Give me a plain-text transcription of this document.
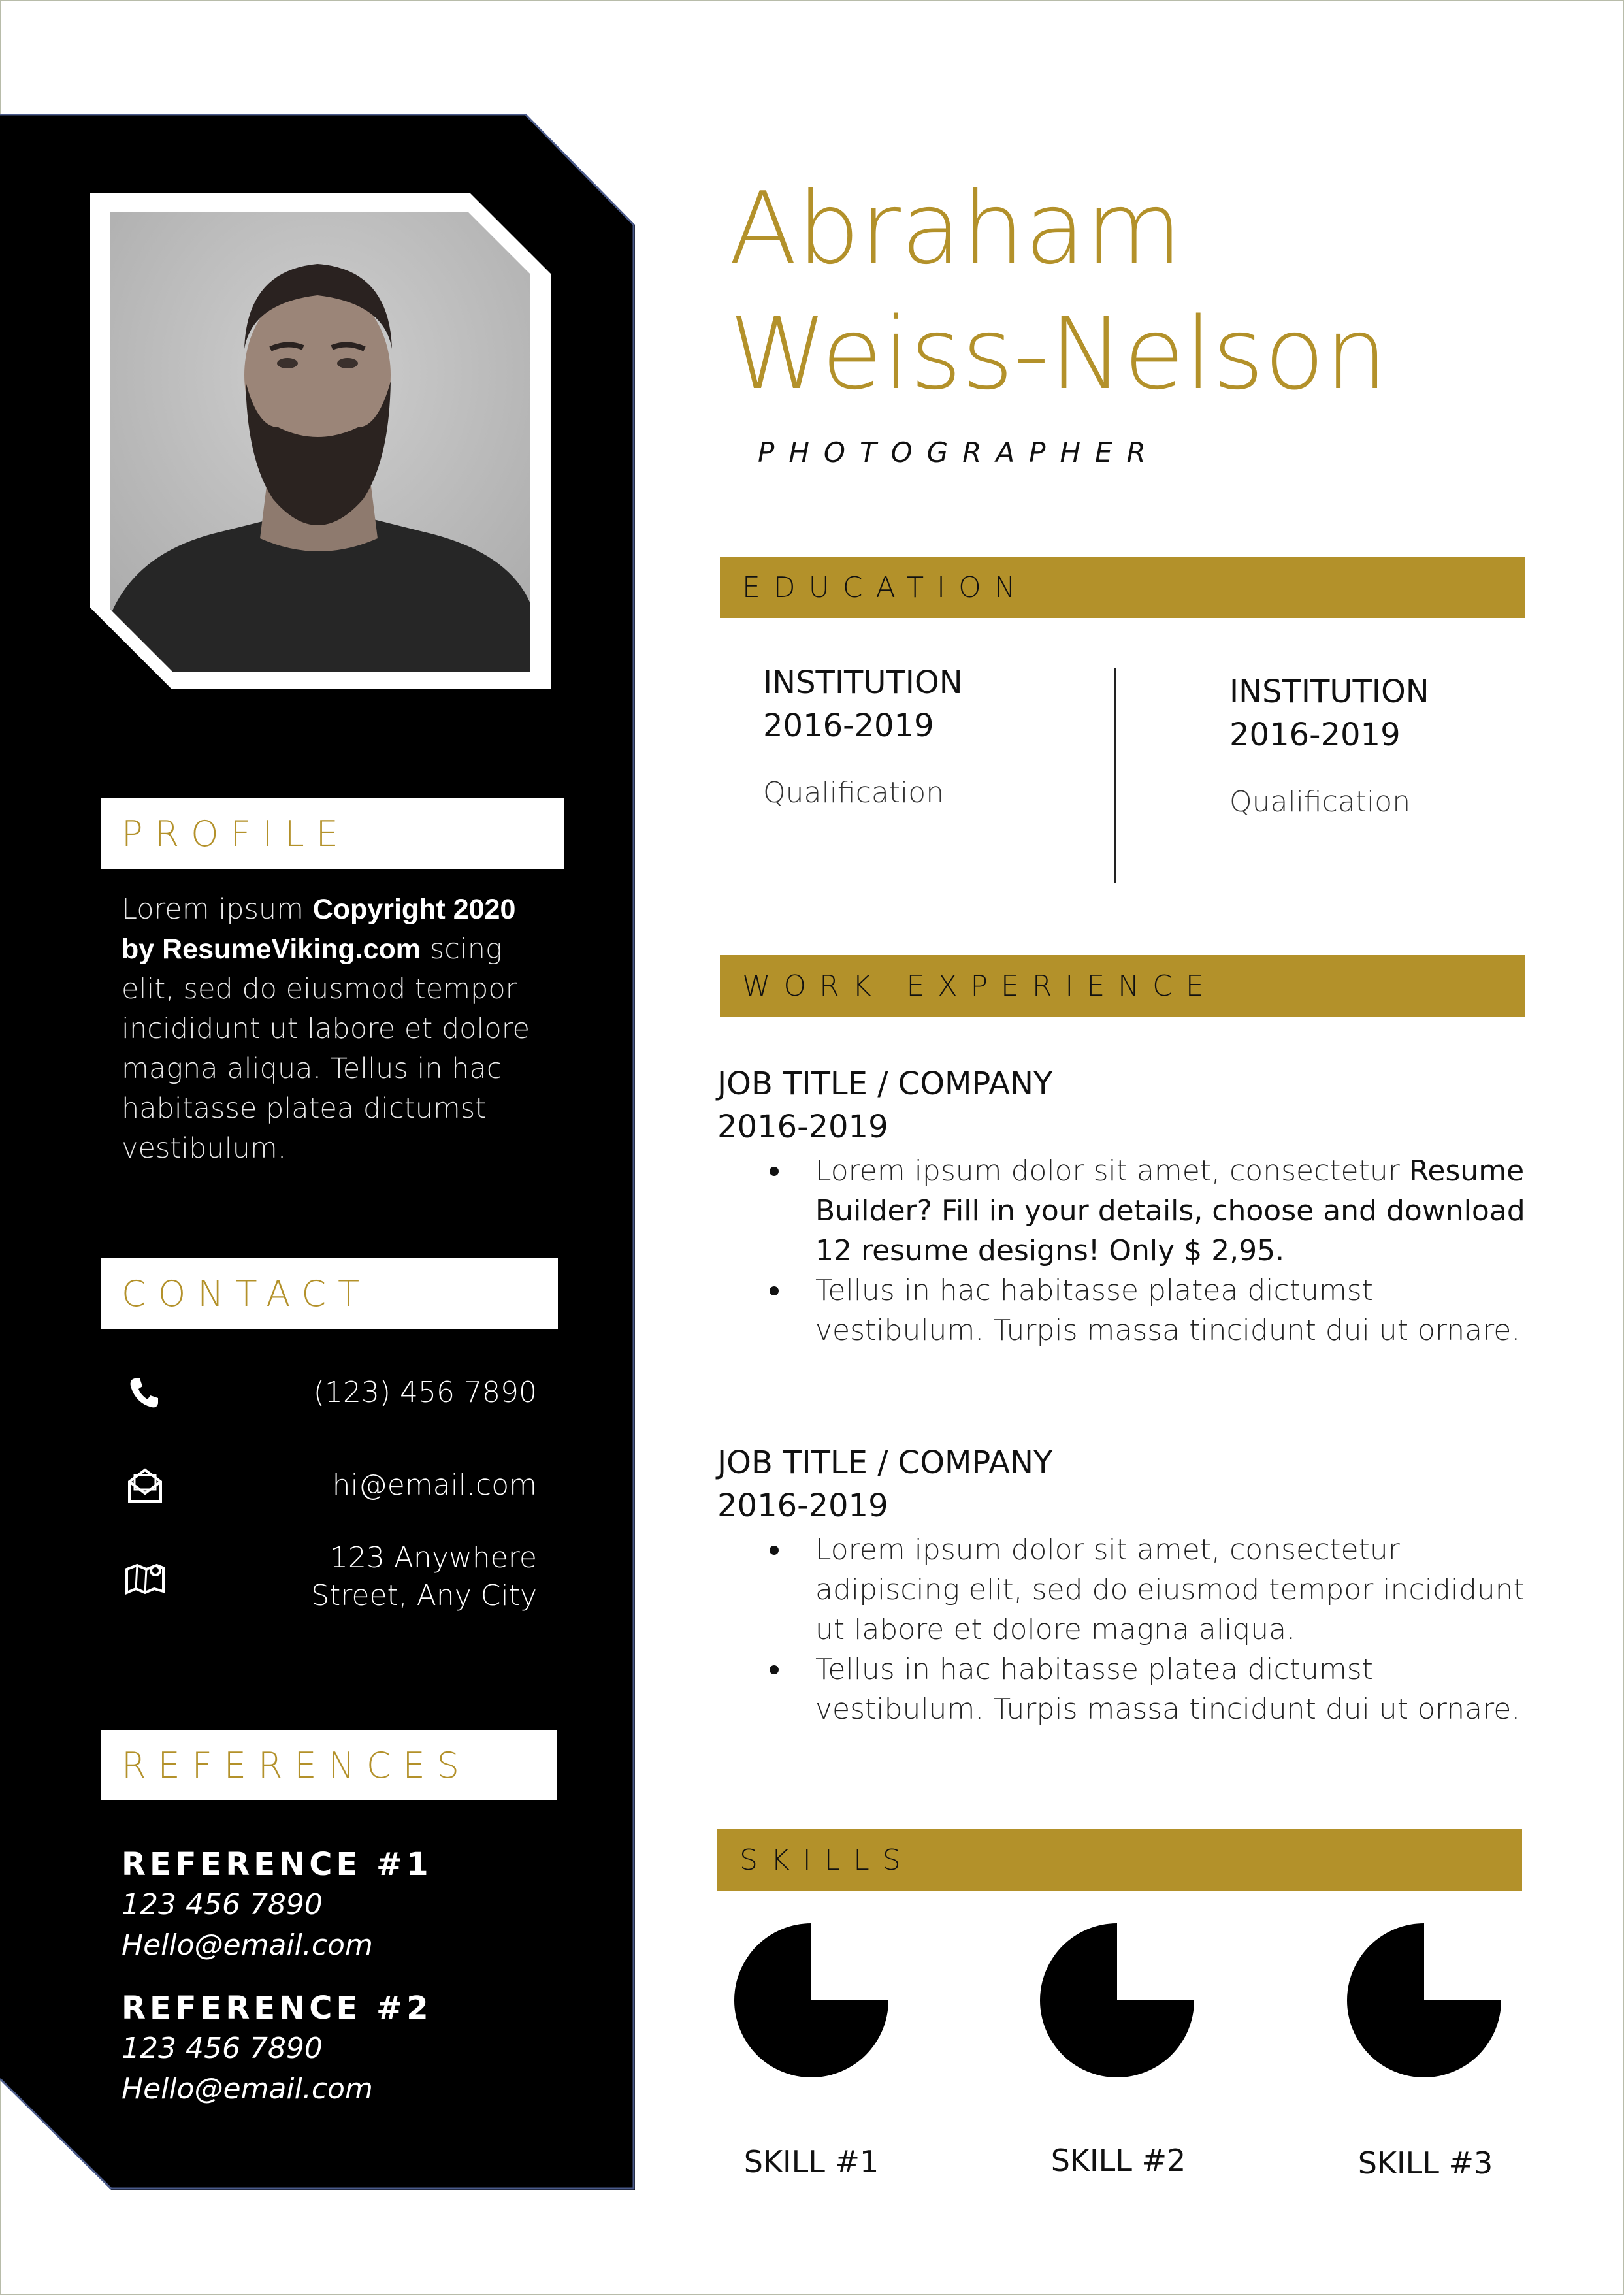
PROFILE
Lorem ipsum Copyright 2020 by ResumeViking.com scing elit, sed do eiusmod tempor incididunt ut labore et dolore magna aliqua. Tellus in hac habitasse platea dictumst vestibulum.
CONTACT
(123) 456 7890
hi@email.com
123 Anywhere
Street, Any City
REFERENCES
REFERENCE #1
123 456 7890
Hello@email.com
REFERENCE #2
123 456 7890
Hello@email.com
Abraham
Weiss-Nelson
PHOTOGRAPHER
EDUCATION
INSTITUTION
2016-2019
Qualification
INSTITUTION
2016-2019
Qualification
WORK EXPERIENCE
JOB TITLE / COMPANY
2016-2019
Lorem ipsum dolor sit amet, consectetur Resume Builder? Fill in your details, choose and download 12 resume designs! Only $ 2,95.
Tellus in hac habitasse platea dictumst vestibulum. Turpis massa tincidunt dui ut ornare.
JOB TITLE / COMPANY
2016-2019
Lorem ipsum dolor sit amet, consectetur adipiscing elit, sed do eiusmod tempor incididunt ut labore et dolore magna aliqua.
Tellus in hac habitasse platea dictumst vestibulum. Turpis massa tincidunt dui ut ornare.
SKILLS
SKILL #1	SKILL #2	SKILL #3
